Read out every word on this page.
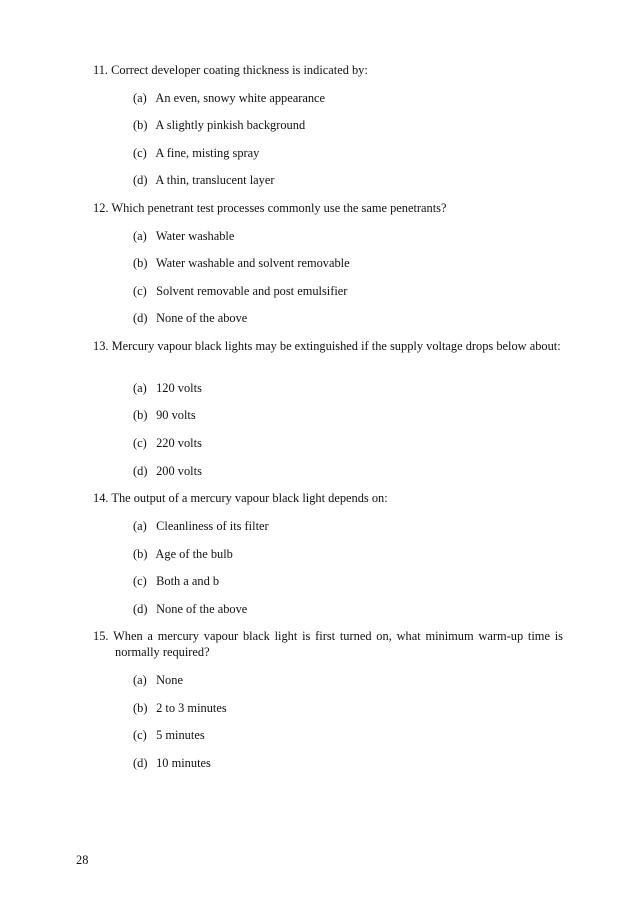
11. Correct developer coating thickness is indicated by:
(a) An even, snowy white appearance
(b) A slightly pinkish background
(c) A fine, misting spray
(d) A thin, translucent layer
12. Which penetrant test processes commonly use the same penetrants?
(a) Water washable
(b) Water washable and solvent removable
(c) Solvent removable and post emulsifier
(d) None of the above
13. Mercury vapour black lights may be extinguished if the supply voltage drops below about:
(a) 120 volts
(b) 90 volts
(c) 220 volts
(d) 200 volts
14. The output of a mercury vapour black light depends on:
(a) Cleanliness of its filter
(b) Age of the bulb
(c) Both a and b
(d) None of the above
15. When a mercury vapour black light is first turned on, what minimum warm-up time is normally required?
(a) None
(b) 2 to 3 minutes
(c) 5 minutes
(d) 10 minutes
28
